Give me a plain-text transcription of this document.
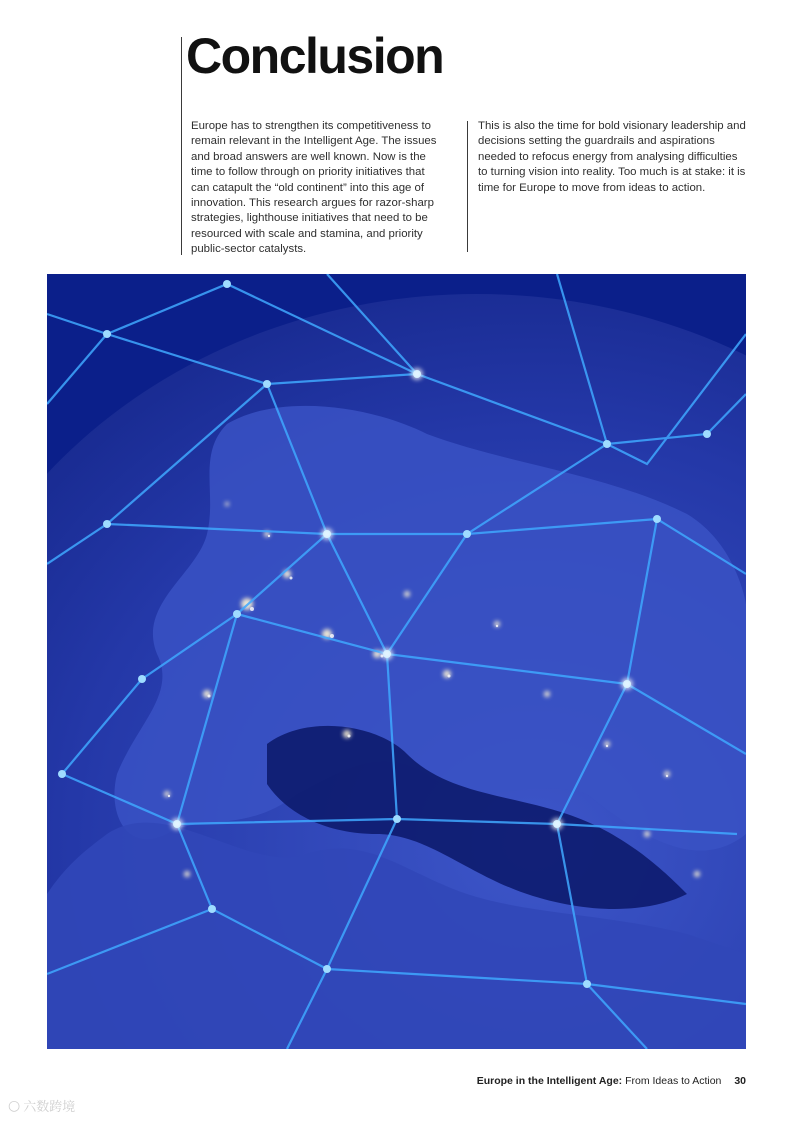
Conclusion

Europe has to strengthen its competitiveness to remain relevant in the Intelligent Age. The issues and broad answers are well known. Now is the time to follow through on priority initiatives that can catapult the “old continent” into this age of innovation. This research argues for razor-sharp strategies, lighthouse initiatives that need to be resourced with scale and stamina, and priority public-sector catalysts.

This is also the time for bold visionary leadership and decisions setting the guardrails and aspirations needed to refocus energy from analysing difficulties to turning vision into reality. Too much is at stake: it is time for Europe to move from ideas to action.

Europe in the Intelligent Age: From Ideas to Action 30
○ 六数跨境
